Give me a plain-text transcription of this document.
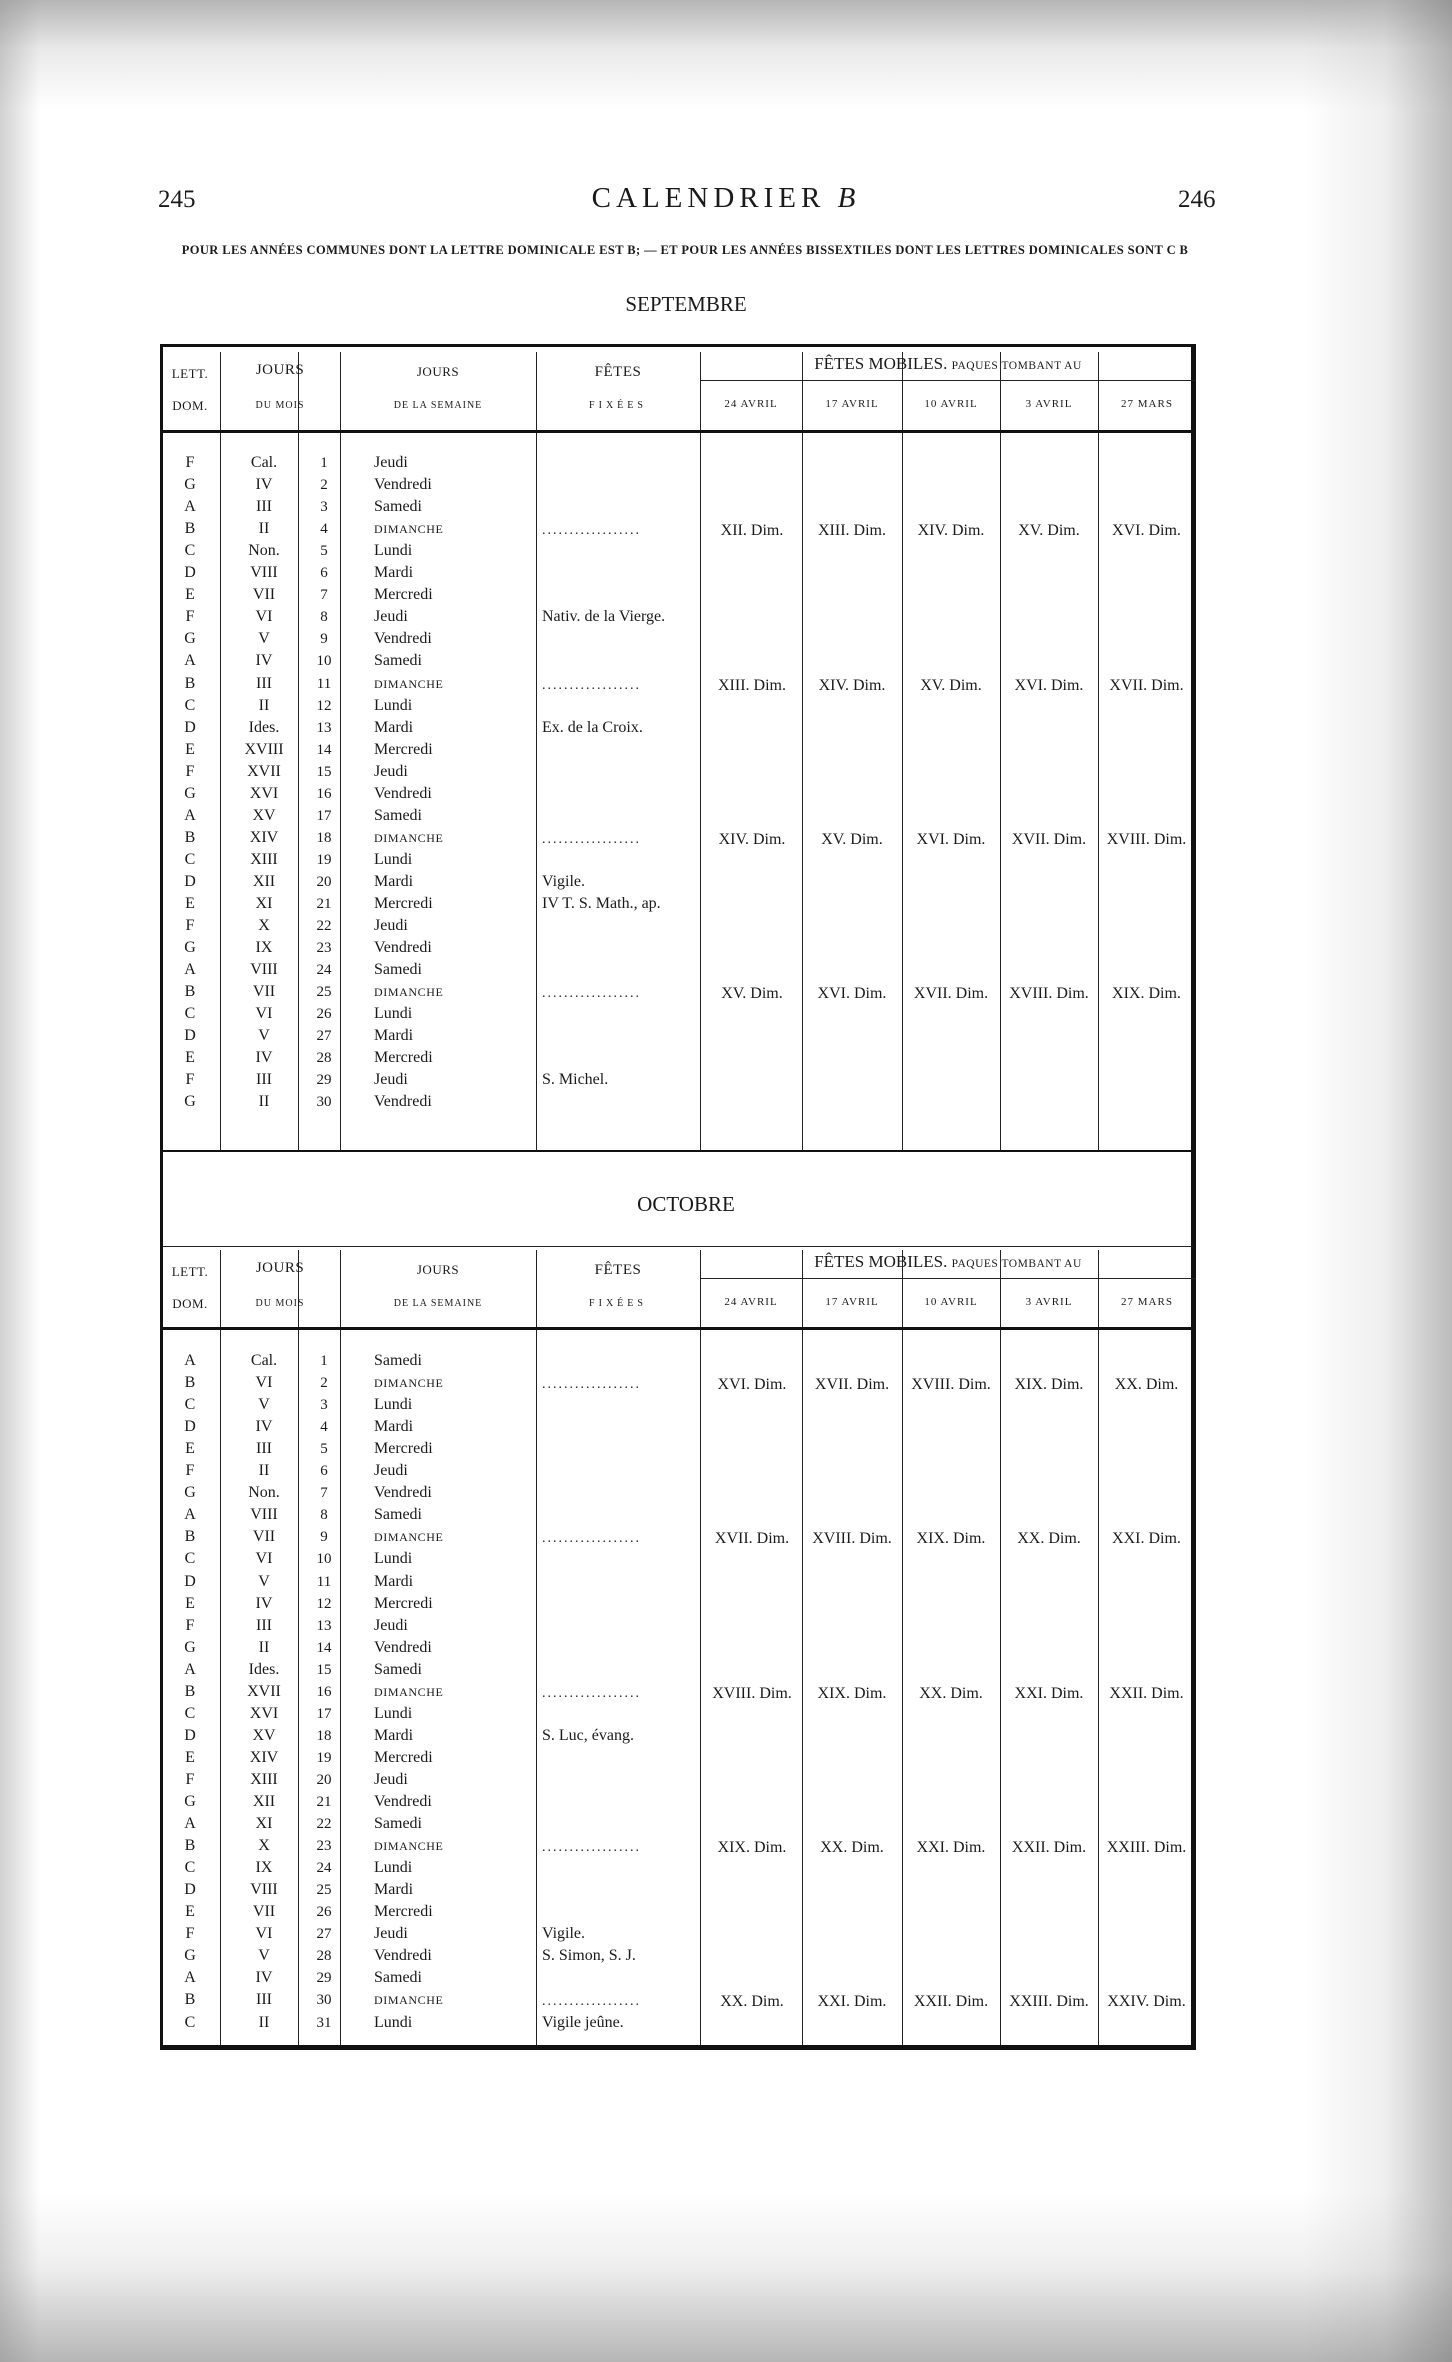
245	246
CALENDRIER B
POUR LES ANNÉES COMMUNES DONT LA LETTRE DOMINICALE EST B; — ET POUR LES ANNÉES BISSEXTILES DONT LES LETTRES DOMINICALES SONT C B
SEPTEMBRE
LETT.
DOM.
JOURS
DU MOIS
JOURS
DE LA SEMAINE
FÊTES
FIXÉES
FÊTES MOBILES. PAQUES TOMBANT AU
24 AVRIL	17 AVRIL	10 AVRIL	3 AVRIL	27 MARS
F	Cal.	1	Jeudi
G	IV	2	Vendredi
A	III	3	Samedi
B	II	4	DIMANCHE	..................	XII. Dim.	XIII. Dim.	XIV. Dim.	XV. Dim.	XVI. Dim.
C	Non.	5	Lundi
D	VIII	6	Mardi
E	VII	7	Mercredi
F	VI	8	Jeudi	Nativ. de la Vierge.
G	V	9	Vendredi
A	IV	10	Samedi
B	III	11	DIMANCHE	..................	XIII. Dim.	XIV. Dim.	XV. Dim.	XVI. Dim.	XVII. Dim.
C	II	12	Lundi
D	Ides.	13	Mardi	Ex. de la Croix.
E	XVIII	14	Mercredi
F	XVII	15	Jeudi
G	XVI	16	Vendredi
A	XV	17	Samedi
B	XIV	18	DIMANCHE	..................	XIV. Dim.	XV. Dim.	XVI. Dim.	XVII. Dim.	XVIII. Dim.
C	XIII	19	Lundi
D	XII	20	Mardi	Vigile.
E	XI	21	Mercredi	IV T. S. Math., ap.
F	X	22	Jeudi
G	IX	23	Vendredi
A	VIII	24	Samedi
B	VII	25	DIMANCHE	..................	XV. Dim.	XVI. Dim.	XVII. Dim.	XVIII. Dim.	XIX. Dim.
C	VI	26	Lundi
D	V	27	Mardi
E	IV	28	Mercredi
F	III	29	Jeudi	S. Michel.
G	II	30	Vendredi
OCTOBRE
LETT.
DOM.
JOURS
DU MOIS
JOURS
DE LA SEMAINE
FÊTES
FIXÉES
FÊTES MOBILES. PAQUES TOMBANT AU
24 AVRIL	17 AVRIL	10 AVRIL	3 AVRIL	27 MARS
A	Cal.	1	Samedi
B	VI	2	DIMANCHE	..................	XVI. Dim.	XVII. Dim.	XVIII. Dim.	XIX. Dim.	XX. Dim.
C	V	3	Lundi
D	IV	4	Mardi
E	III	5	Mercredi
F	II	6	Jeudi
G	Non.	7	Vendredi
A	VIII	8	Samedi
B	VII	9	DIMANCHE	..................	XVII. Dim.	XVIII. Dim.	XIX. Dim.	XX. Dim.	XXI. Dim.
C	VI	10	Lundi
D	V	11	Mardi
E	IV	12	Mercredi
F	III	13	Jeudi
G	II	14	Vendredi
A	Ides.	15	Samedi
B	XVII	16	DIMANCHE	..................	XVIII. Dim.	XIX. Dim.	XX. Dim.	XXI. Dim.	XXII. Dim.
C	XVI	17	Lundi
D	XV	18	Mardi	S. Luc, évang.
E	XIV	19	Mercredi
F	XIII	20	Jeudi
G	XII	21	Vendredi
A	XI	22	Samedi
B	X	23	DIMANCHE	..................	XIX. Dim.	XX. Dim.	XXI. Dim.	XXII. Dim.	XXIII. Dim.
C	IX	24	Lundi
D	VIII	25	Mardi
E	VII	26	Mercredi
F	VI	27	Jeudi	Vigile.
G	V	28	Vendredi	S. Simon, S. J.
A	IV	29	Samedi
B	III	30	DIMANCHE	..................	XX. Dim.	XXI. Dim.	XXII. Dim.	XXIII. Dim.	XXIV. Dim.
C	II	31	Lundi	Vigile jeûne.
